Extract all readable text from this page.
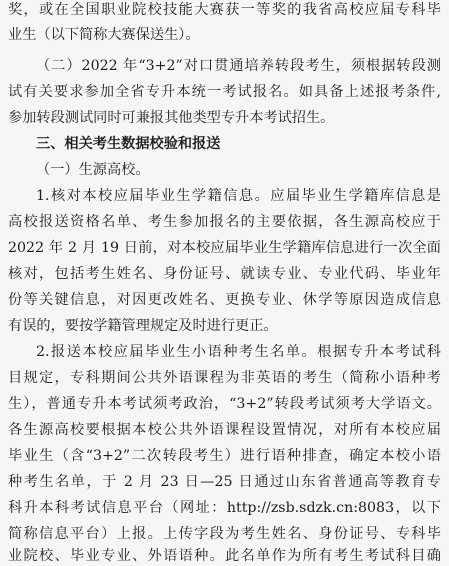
奖，或在全国职业院校技能大赛获一等奖的我省高校应届专科毕
业生（以下简称大赛保送生）。
（二）2022 年“3+2”对口贯通培养转段考生，须根据转段测
试有关要求参加全省专升本统一考试报名。如具备上述报考条件,
参加转段测试同时可兼报其他类型专升本考试招生。
三、相关考生数据校验和报送
（一）生源高校。
1.核对本校应届毕业生学籍信息。应届毕业生学籍库信息是
高校报送资格名单、考生参加报名的主要依据，各生源高校应于
2022 年 2 月 19 日前，对本校应届毕业生学籍库信息进行一次全面
核对，包括考生姓名、身份证号、就读专业、专业代码、毕业年
份等关键信息，对因更改姓名、更换专业、休学等原因造成信息
有误的，要按学籍管理规定及时进行更正。
2.报送本校应届毕业生小语种考生名单。根据专升本考试科
目规定，专科期间公共外语课程为非英语的考生（简称小语种考
生），普通专升本考试须考政治，“3+2”转段考试须考大学语文。
各生源高校要根据本校公共外语课程设置情况，对所有本校应届
毕业生（含“3+2”二次转段考生）进行语种排查，确定本校小语
种考生名单，于 2 月 23 日—25 日通过山东省普通高等教育专
科升本科考试信息平台（网址：http://zsb.sdzk.cn:8083，以下
简称信息平台）上报。上传字段为考生姓名、身份证号、专科毕
业院校、毕业专业、外语语种。此名单作为所有考生考试科目确
